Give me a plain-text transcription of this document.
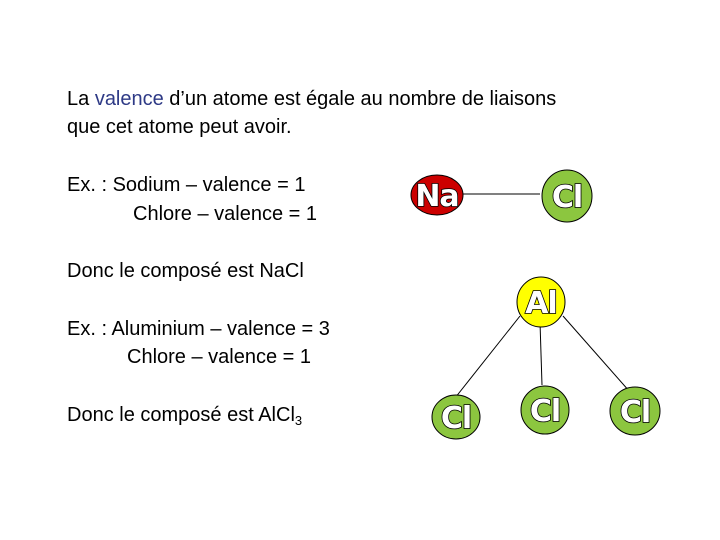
La valence d’un atome est égale au nombre de liaisons
que cet atome peut avoir.
Ex. : Sodium – valence = 1
Chlore – valence = 1
Donc le composé est NaCl
Ex. : Aluminium – valence = 3
Chlore – valence = 1
Donc le composé est AlCl$_3$
Na	Cl
Al
Cl Cl Cl
